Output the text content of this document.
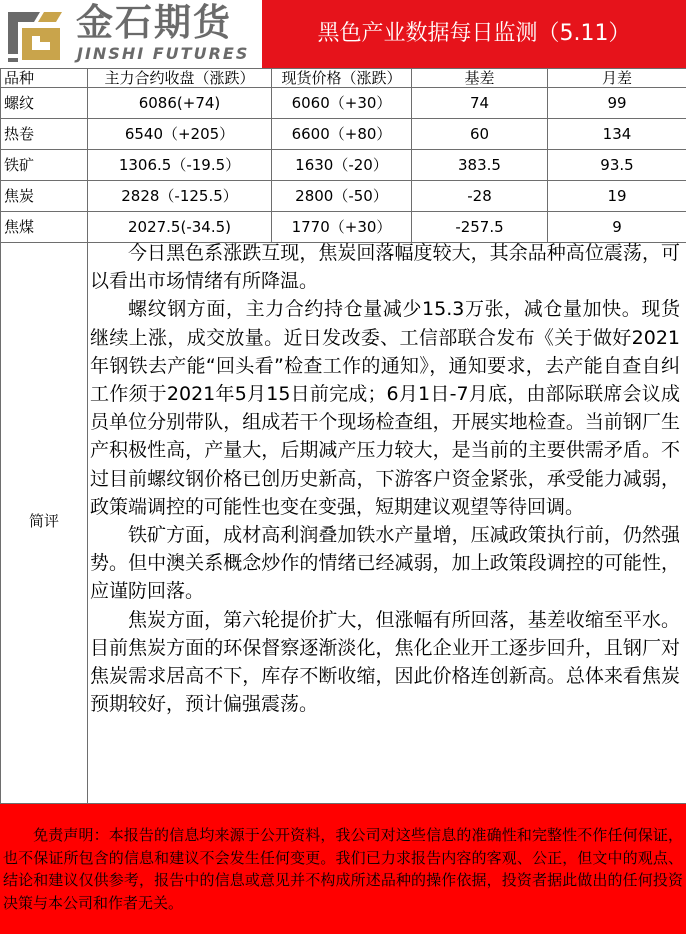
金石期货
JINSHI FUTURES
黑色产业数据每日监测（5.11）
品种	主力合约收盘（涨跌）	现货价格（涨跌）	基差	月差
螺纹	6086(+74)	6060（+30）	74	99
热卷	6540（+205）	6600（+80）	60	134
铁矿	1306.5（-19.5）	1630（-20）	383.5	93.5
焦炭	2828（-125.5）	2800（-50）	-28	19
焦煤	2027.5(-34.5)	1770（+30）	-257.5	9
简评

今日黑色系涨跌互现，焦炭回落幅度较大，其余品种高位震荡，可以看出市场情绪有所降温。

螺纹钢方面，主力合约持仓量减少15.3万张，减仓量加快。现货继续上涨，成交放量。近日发改委、工信部联合发布《关于做好2021年钢铁去产能“回头看”检查工作的通知》，通知要求，去产能自查自纠工作须于2021年5月15日前完成；6月1日-7月底，由部际联席会议成员单位分别带队，组成若干个现场检查组，开展实地检查。当前钢厂生产积极性高，产量大，后期减产压力较大，是当前的主要供需矛盾。不过目前螺纹钢价格已创历史新高，下游客户资金紧张，承受能力减弱，政策端调控的可能性也变在变强，短期建议观望等待回调。

铁矿方面，成材高利润叠加铁水产量增，压减政策执行前，仍然强势。但中澳关系概念炒作的情绪已经减弱，加上政策段调控的可能性，应谨防回落。

焦炭方面，第六轮提价扩大，但涨幅有所回落，基差收缩至平水。目前焦炭方面的环保督察逐渐淡化，焦化企业开工逐步回升，且钢厂对焦炭需求居高不下，库存不断收缩，因此价格连创新高。总体来看焦炭预期较好，预计偏强震荡。

免责声明：本报告的信息均来源于公开资料，我公司对这些信息的准确性和完整性不作任何保证，也不保证所包含的信息和建议不会发生任何变更。我们已力求报告内容的客观、公正，但文中的观点、结论和建议仅供参考，报告中的信息或意见并不构成所述品种的操作依据，投资者据此做出的任何投资决策与本公司和作者无关。
